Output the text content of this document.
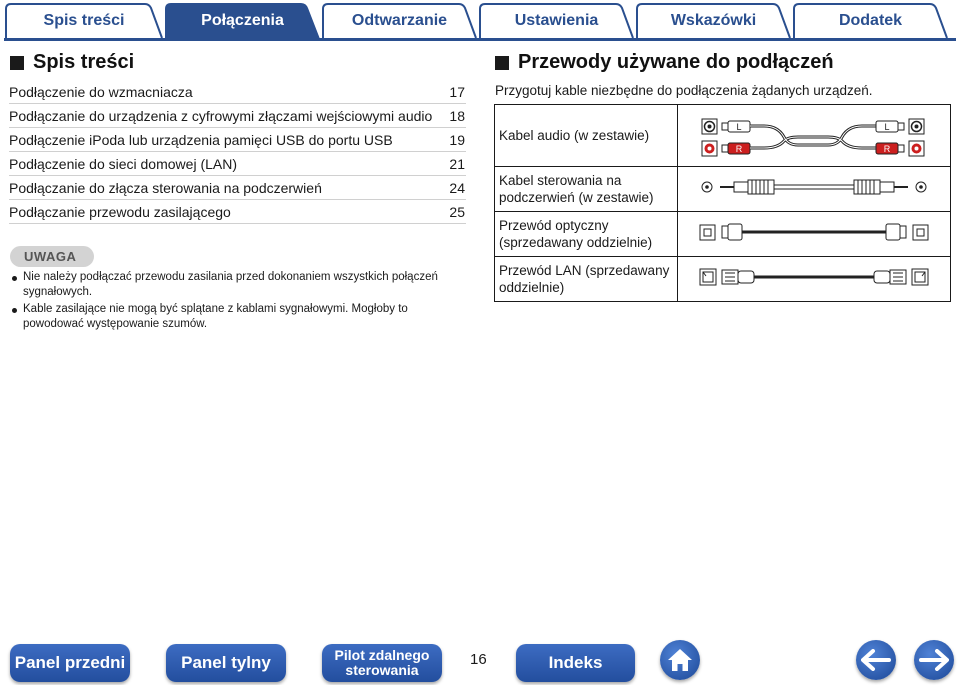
Spis treści	Połączenia	Odtwarzanie	Ustawienia	Wskazówki	Dodatek
Spis treści
Podłączenie do wzmacniacza	17
Podłączanie do urządzenia z cyfrowymi złączami wejściowymi audio 18
Podłączenie iPoda lub urządzenia pamięci USB do portu USB	19
Podłączenie do sieci domowej (LAN)	21
Podłączanie do złącza sterowania na podczerwień	24
Podłączanie przewodu zasilającego	25
UWAGA
Nie należy podłączać przewodu zasilania przed dokonaniem wszystkich połączeń sygnałowych.
Kable zasilające nie mogą być splątane z kablami sygnałowymi. Mogłoby to powodować występowanie szumów.
Przewody używane do podłączeń
Przygotuj kable niezbędne do podłączenia żądanych urządzeń.
Kabel audio (w zestawie)	L
R
L
R

Kabel sterowania na podczerwień (w zestawie)	
Przewód optyczny (sprzedawany oddzielnie)	
Przewód LAN (sprzedawany oddzielnie)	
Panel przedni	Panel tylny	Pilot zdalnego sterowania
16	Indeks
